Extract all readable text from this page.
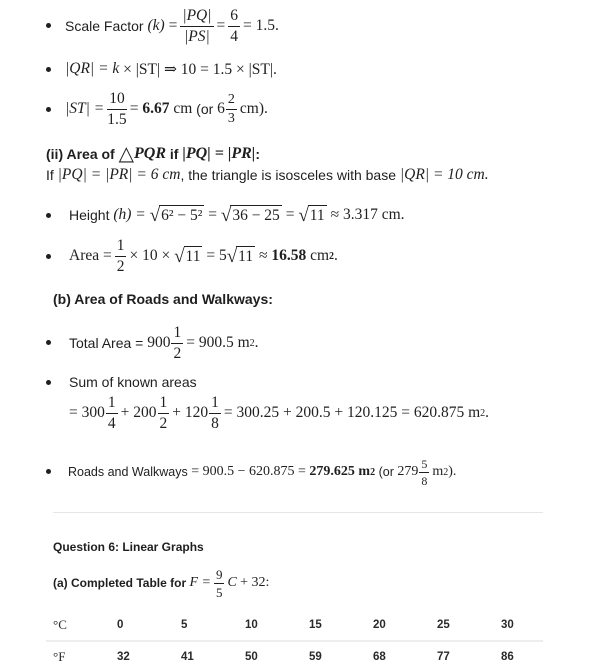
Scale Factor
(k)
= $\frac{|PQ|}{|PS|} = \frac{6}{4} = 1.5$.
|QR|
= k
× |ST| ⇒ 10 = 1.5 × |ST|.
$|ST| = \frac{10}{1.5}$ =
6.67
cm
(or
$6 \frac{2}{3} cm$).
(ii) Area of
△ PQR
if
|PQ| = |PR| :
If
|PQ| = |PR| = 6 cm , the triangle is isosceles with base
|QR| = 10 cm.
Height
(h) =
√ 6² − 5²
=
√ 36 − 25
=
√ 11
≈ 3.317 cm.
Area = $\frac{1}{2} \times 10$ ×
√ 11
= 5 √ 11
≈
16.58
cm 2 .
(b) Area of Roads and Walkways:
Total Area =
$900 \frac{1}{2} = 900.5$ m 2 .
Sum of known areas
=
$300 \frac{1}{4}$ +
$200 \frac{1}{2}$ +
$120 \frac{1}{8} = 300.25 + 200.5 + 120.125 = 620.875$ m 2 .
Roads and Walkways
= 900.5 − 620.875 =
279.625
m 2
(or
$279 \frac{5}{8}$ m 2 ).
Question 6: Linear Graphs
(a) Completed Table for
$F = \frac{9}{5}$ C
+ 32:
°C	0	5	10	15	20	25	30
°F	32	41	50	59	68	77	86
